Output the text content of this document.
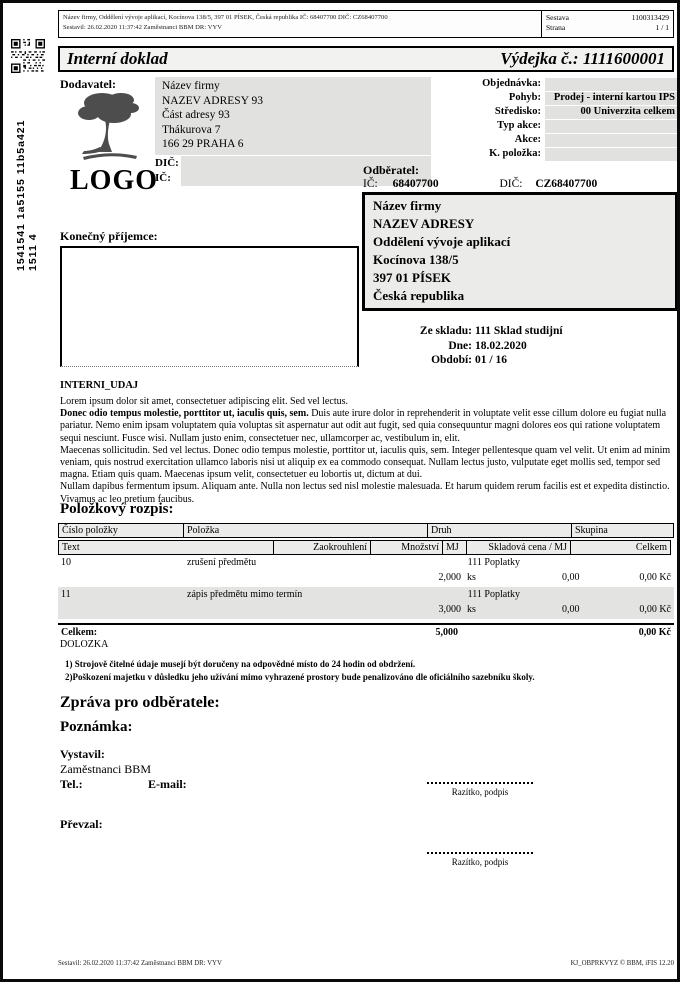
1541541 1a5155 11b5a421 1511 4
Název firmy, Oddělení vývoje aplikací, Kocínova 138/5, 397 01 PÍSEK, Česká republika IČ: 68407700 DIČ: CZ68407700
Sestavil: 26.02.2020 11:37:42 Zaměstnanci BBM DR: VYV
Sestava	1100313429
Strana	1 / 1
Interní doklad	Výdejka č.: 1111600001
Dodavatel:
LOGO
Název firmy
NAZEV ADRESY 93
Část adresy 93
Thákurova 7
166 29 PRAHA 6
DIČ:
IČ:
Objednávka:
Pohyb:	Prodej - interní kartou IPS
Středisko:	00 Univerzita celkem
Typ akce:
Akce:
K. položka:
Odběratel:
IČ: 68407700	DIČ: CZ68407700
Název firmy
NAZEV ADRESY
Oddělení vývoje aplikací
Kocínova 138/5
397 01 PÍSEK
Česká republika
Konečný příjemce:
Ze skladu: 111 Sklad studijní
Dne: 18.02.2020
Období: 01 / 16
INTERNI_UDAJ

Lorem ipsum dolor sit amet, consectetuer adipiscing elit. Sed vel lectus.

Donec odio tempus molestie, porttitor ut, iaculis quis, sem. Duis aute irure dolor in reprehenderit in voluptate velit esse cillum dolore eu fugiat nulla pariatur. Nemo enim ipsam voluptatem quia voluptas sit aspernatur aut odit aut fugit, sed quia consequuntur magni dolores eos qui ratione voluptatem sequi nesciunt. Fusce wisi. Nullam justo enim, consectetuer nec, ullamcorper ac, vestibulum in, elit.

Maecenas sollicitudin. Sed vel lectus. Donec odio tempus molestie, porttitor ut, iaculis quis, sem. Integer pellentesque quam vel velit. Ut enim ad minim veniam, quis nostrud exercitation ullamco laboris nisi ut aliquip ex ea commodo consequat. Nullam lectus justo, vulputate eget mollis sed, tempor sed magna. Etiam quis quam. Maecenas ipsum velit, consectetuer eu lobortis ut, dictum at dui.

Nullam dapibus fermentum ipsum. Aliquam ante. Nulla non lectus sed nisl molestie malesuada. Et harum quidem rerum facilis est et expedita distinctio. Vivamus ac leo pretium faucibus.

Položkový rozpis:
Číslo položky	Položka	Druh	Skupina
Text	Zaokrouhlení	Množství MJ	Skladová cena / MJ	Celkem
10	zrušení předmětu	111 Poplatky
2,000 ks	0,00	0,00 Kč
11	zápis předmětu mimo termín	111 Poplatky
3,000 ks	0,00	0,00 Kč
Celkem:	5,000	0,00 Kč
DOLOZKA
1) Strojově čitelné údaje musejí být doručeny na odpovědné místo do 24 hodin od obdržení.
2)Poškození majetku v důsledku jeho užívání mimo vyhrazené prostory bude penalizováno dle oficiálního sazebníku školy.
Zpráva pro odběratele:
Poznámka:
Vystavil:
Zaměstnanci BBM
Tel.:	E-mail:
Razítko, podpis
Převzal:
Razítko, podpis
Sestavil: 26.02.2020 11:37:42 Zaměstnanci BBM DR: VYV	KJ_OBPRKVYZ © BBM, iFIS 12.20
